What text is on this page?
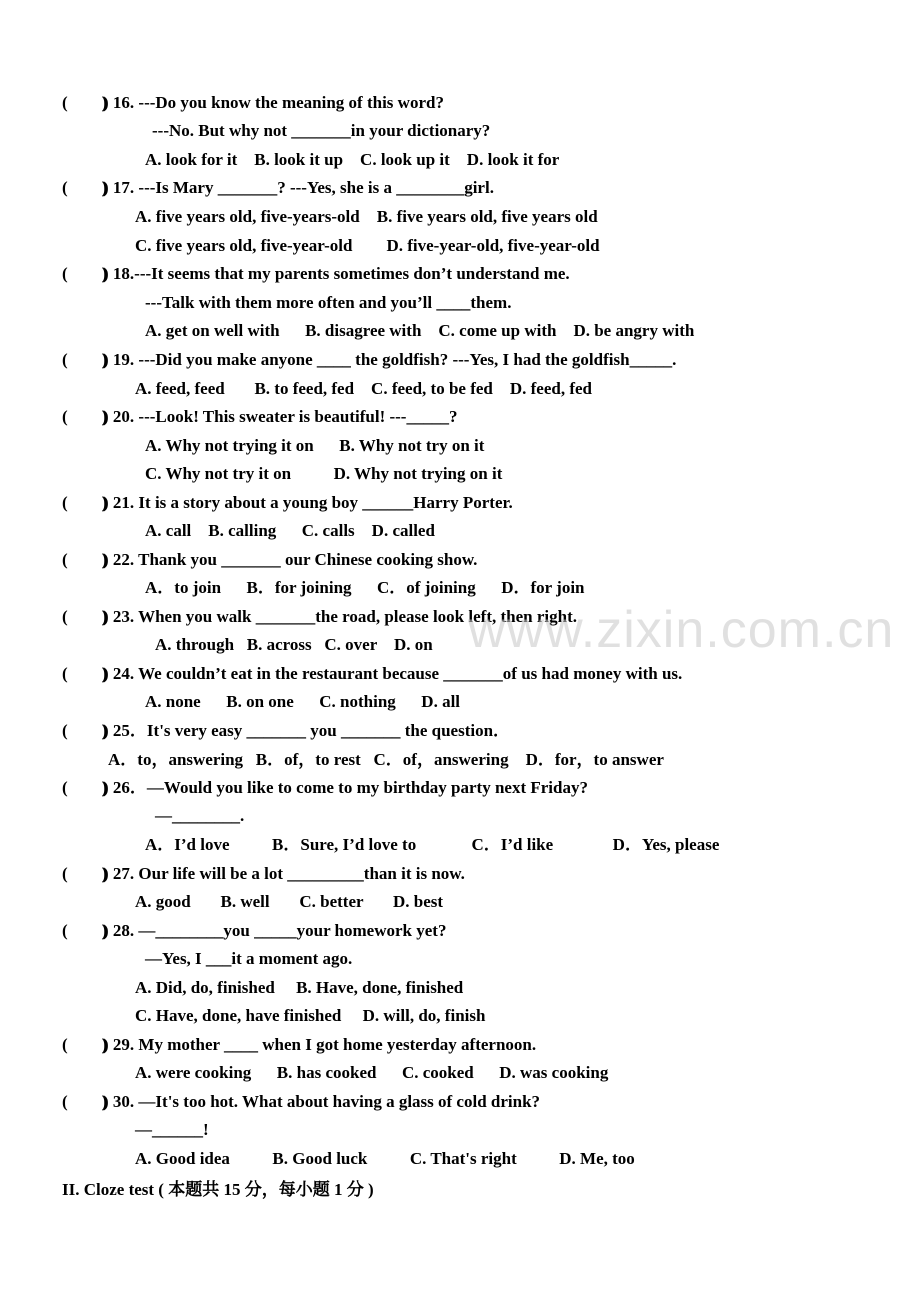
(        )
) 16. ---Do you know the meaning of this word?
---No. But why not _______in your dictionary?
A. look for it    B. look it up    C. look up it    D. look it for
(        )
) 17. ---Is Mary _______? ---Yes, she is a ________girl.
A. five years old, five-years-old    B. five years old, five years old
C. five years old, five-year-old        D. five-year-old, five-year-old
(        )
) 18.---It seems that my parents sometimes don’t understand me.
---Talk with them more often and you’ll ____them.
A. get on well with      B. disagree with    C. come up with    D. be angry with
(        )
) 19. ---Did you make anyone ____ the goldfish? ---Yes, I had the goldfish_____.
A. feed, feed       B. to feed, fed    C. feed, to be fed    D. feed, fed
(        )
) 20. ---Look! This sweater is beautiful! ---_____?
A. Why not trying it on      B. Why not try on it
C. Why not try it on          D. Why not trying on it
(        )
) 21. It is a story about a young boy ______Harry Porter.
A. call    B. calling      C. calls    D. called
(        )
) 22. Thank you _______ our Chinese cooking show.
A．to join      B．for joining      C．of joining      D．for join
(        )
) 23. When you walk _______the road, please look left, then right.
A. through   B. across   C. over    D. on
(        )
) 24. We couldn’t eat in the restaurant because _______of us had money with us.
A. none      B. on one      C. nothing      D. all
(        )
) 25．It's very easy _______ you _______ the question．
A．to，answering   B．of，to rest   C．of，answering    D．for，to answer
(        )
) 26．—Would you like to come to my birthday party next Friday?
—________.
A．I’d love          B．Sure, I’d love to             C．I’d like              D．Yes, please
(        )
) 27. Our life will be a lot _________than it is now.
A. good       B. well       C. better       D. best
(        )
) 28. —________you _____your homework yet?
—Yes, I ___it a moment ago.
A. Did, do, finished     B. Have, done, finished
C. Have, done, have finished     D. will, do, finish
(        )
) 29. My mother ____ when I got home yesterday afternoon.
A. were cooking      B. has cooked      C. cooked      D. was cooking
(        )
) 30. —It's too hot. What about having a glass of cold drink?
—______!
A. Good idea          B. Good luck          C. That's right          D. Me, too
II. Cloze test ( 本题共 15 分，每小题 1 分 )
www.zixin.com.cn
